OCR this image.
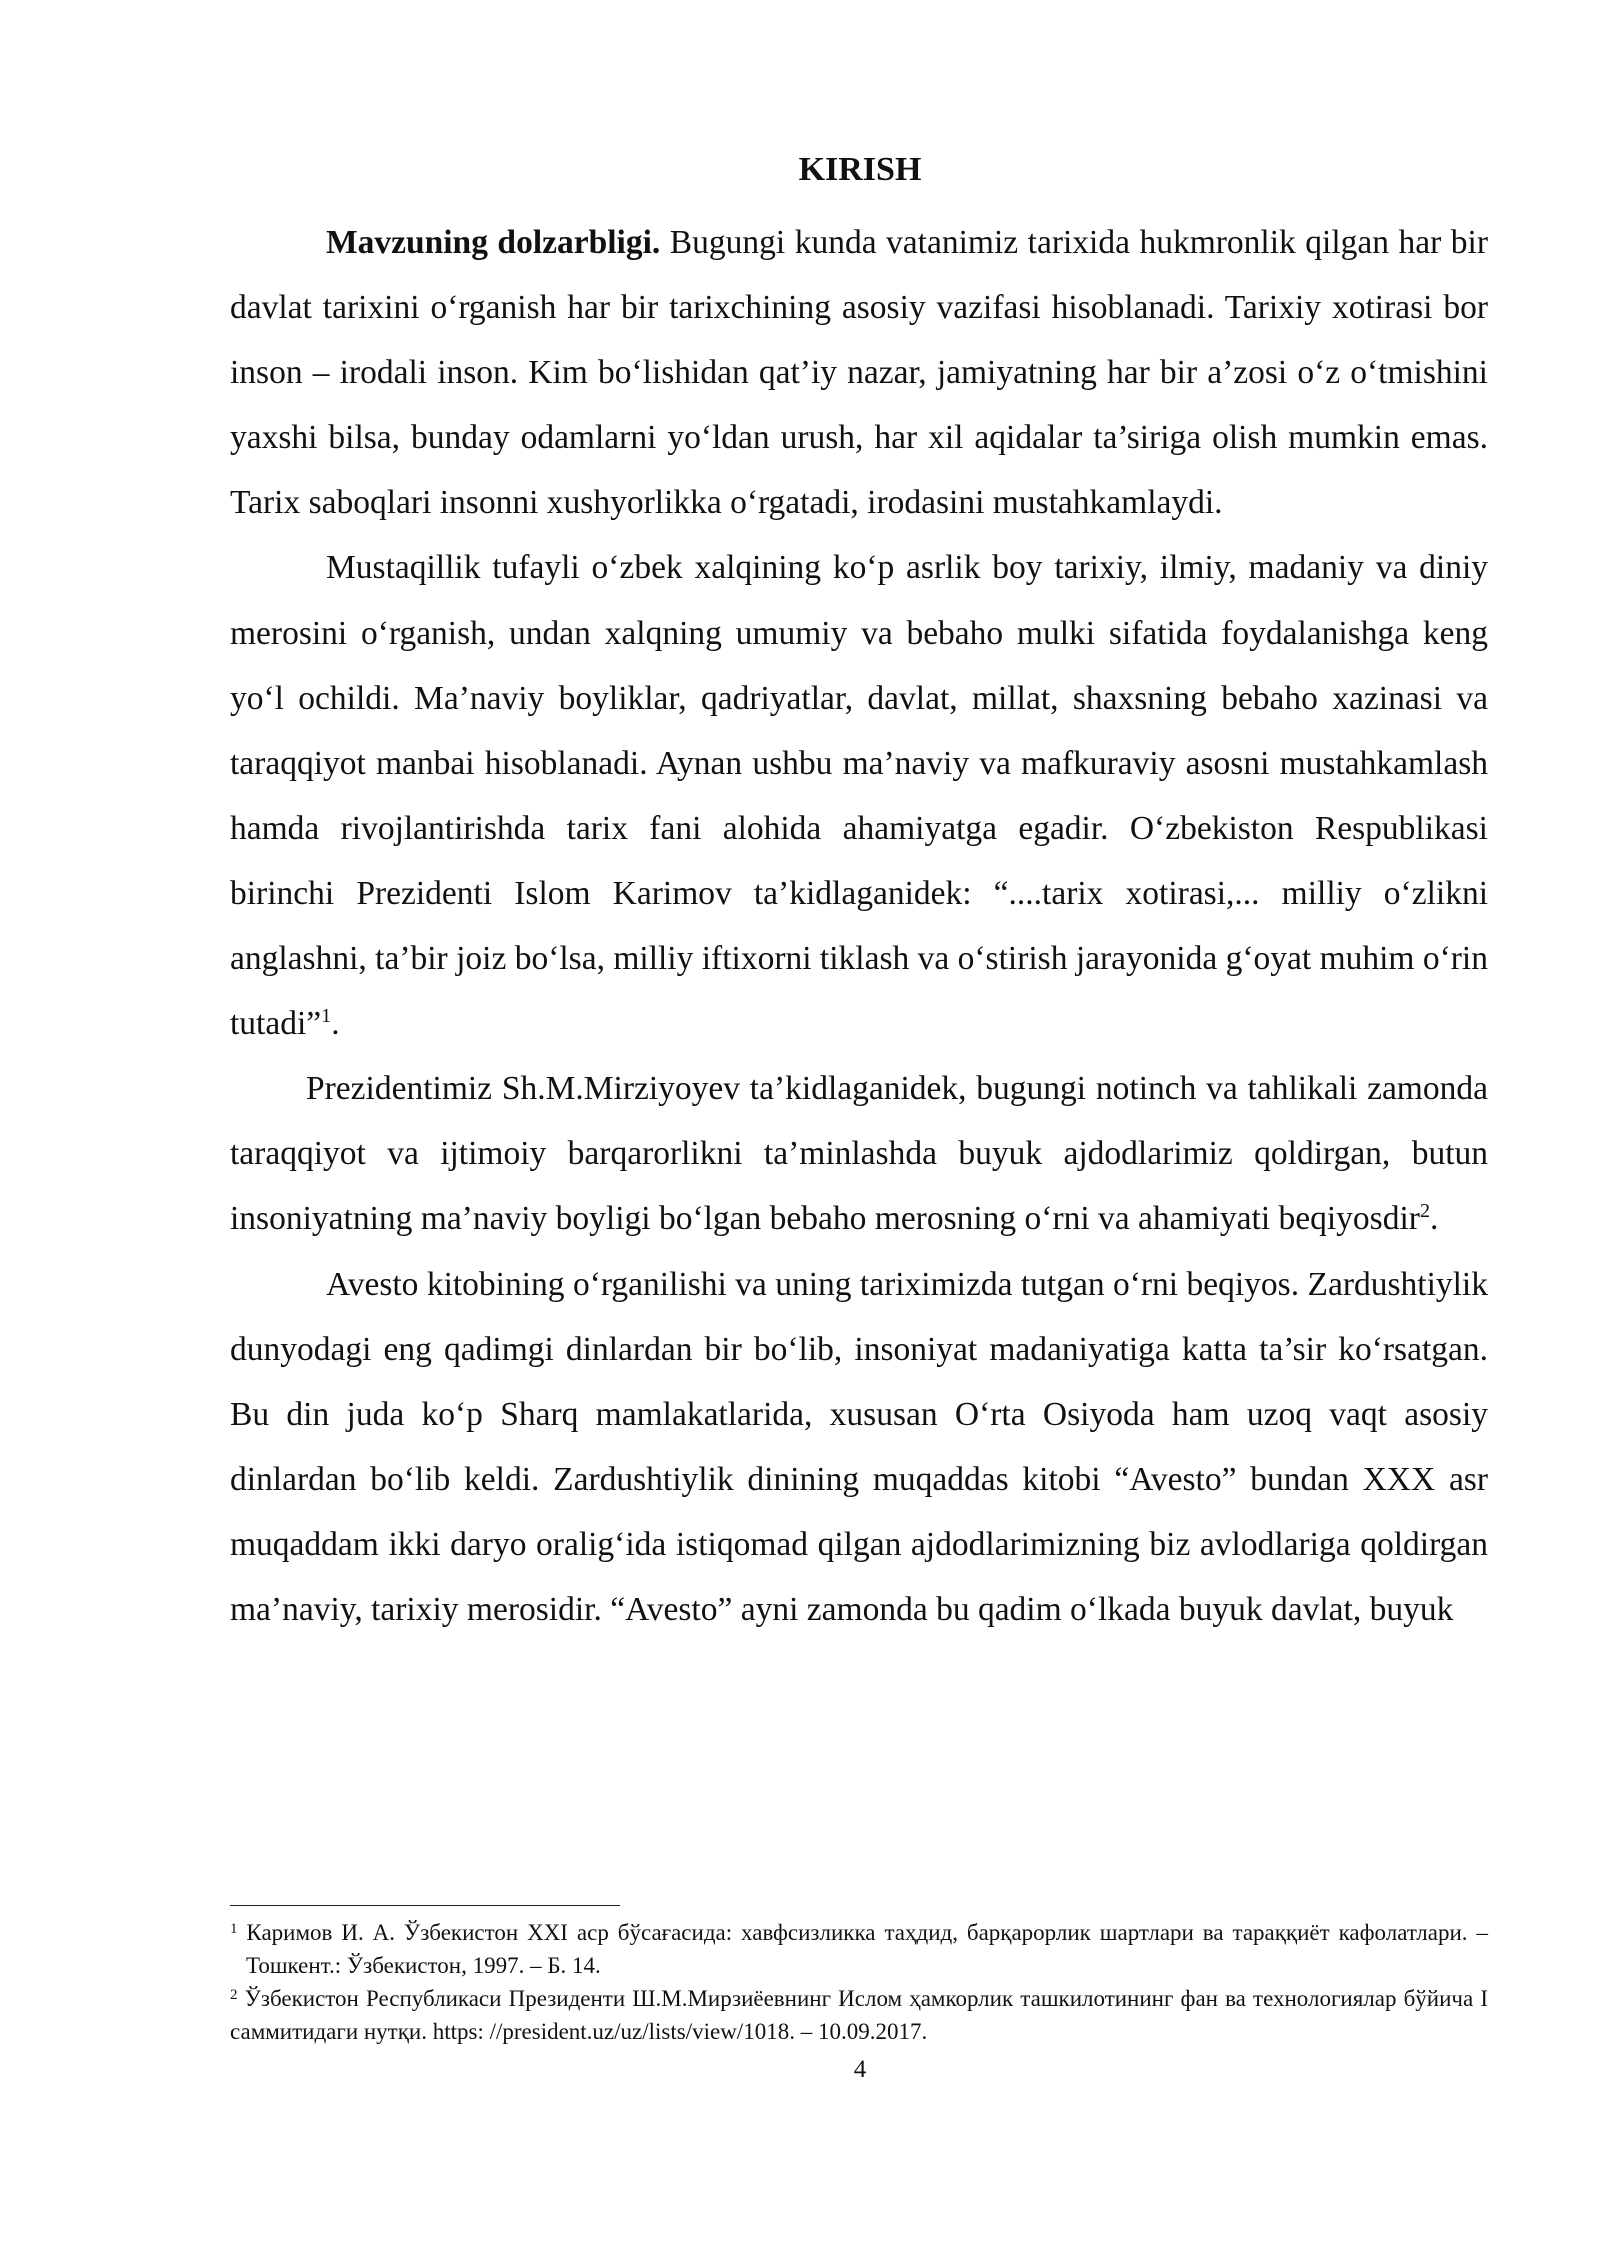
KIRISH

Mavzuning dolzarbligi. Bugungi kunda vatanimiz tarixida hukmronlik qilgan har bir davlat tarixini o‘rganish har bir tarixchining asosiy vazifasi hisoblanadi. Tarixiy xotirasi bor inson – irodali inson. Kim bo‘lishidan qat’iy nazar, jamiyatning har bir a’zosi o‘z o‘tmishini yaxshi bilsa, bunday odamlarni yo‘ldan urush, har xil aqidalar ta’siriga olish mumkin emas. Tarix saboqlari insonni xushyorlikka o‘rgatadi, irodasini mustahkamlaydi.

Mustaqillik tufayli o‘zbek xalqining ko‘p asrlik boy tarixiy, ilmiy, madaniy va diniy merosini o‘rganish, undan xalqning umumiy va bebaho mulki sifatida foydalanishga keng yo‘l ochildi. Ma’naviy boyliklar, qadriyatlar, davlat, millat, shaxsning bebaho xazinasi va taraqqiyot manbai hisoblanadi. Aynan ushbu ma’naviy va mafkuraviy asosni mustahkamlash hamda rivojlantirishda tarix fani alohida ahamiyatga egadir. O‘zbekiston Respublikasi birinchi Prezidenti Islom Karimov ta’kidlaganidek: “....tarix xotirasi,... milliy o‘zlikni anglashni, ta’bir joiz bo‘lsa, milliy iftixorni tiklash va o‘stirish jarayonida g‘oyat muhim o‘rin tutadi”$^1$.

Prezidentimiz Sh.M.Mirziyoyev ta’kidlaganidek, bugungi notinch va tahlikali zamonda taraqqiyot va ijtimoiy barqarorlikni ta’minlashda buyuk ajdodlarimiz qoldirgan, butun insoniyatning ma’naviy boyligi bo‘lgan bebaho merosning o‘rni va ahamiyati beqiyosdir$^2$.

Avesto kitobining o‘rganilishi va uning tariximizda tutgan o‘rni beqiyos. Zardushtiylik dunyodagi eng qadimgi dinlardan bir bo‘lib, insoniyat madaniyatiga katta ta’sir ko‘rsatgan. Bu din juda ko‘p Sharq mamlakatlarida, xususan O‘rta Osiyoda ham uzoq vaqt asosiy dinlardan bo‘lib keldi. Zardushtiylik dinining muqaddas kitobi “Avesto” bundan XXX asr muqaddam ikki daryo oralig‘ida istiqomad qilgan ajdodlarimizning biz avlodlariga qoldirgan ma’naviy, tarixiy merosidir. “Avesto” ayni zamonda bu qadim o‘lkada buyuk davlat, buyuk

$^1$ Каримов И. А. Ўзбекистон XXI аср бўсағасида: хавфсизликка таҳдид, барқарорлик шартлари ва тараққиёт кафолатлари. – Тошкент.: Ўзбекистон, 1997. – Б. 14.

$^2$ Ўзбекистон Республикаси Президенти Ш.М.Мирзиёевнинг Ислом ҳамкорлик ташкилотининг фан ва технологиялар бўйича I саммитидаги нутқи. https: //president.uz/uz/lists/view/1018. – 10.09.2017.

4
